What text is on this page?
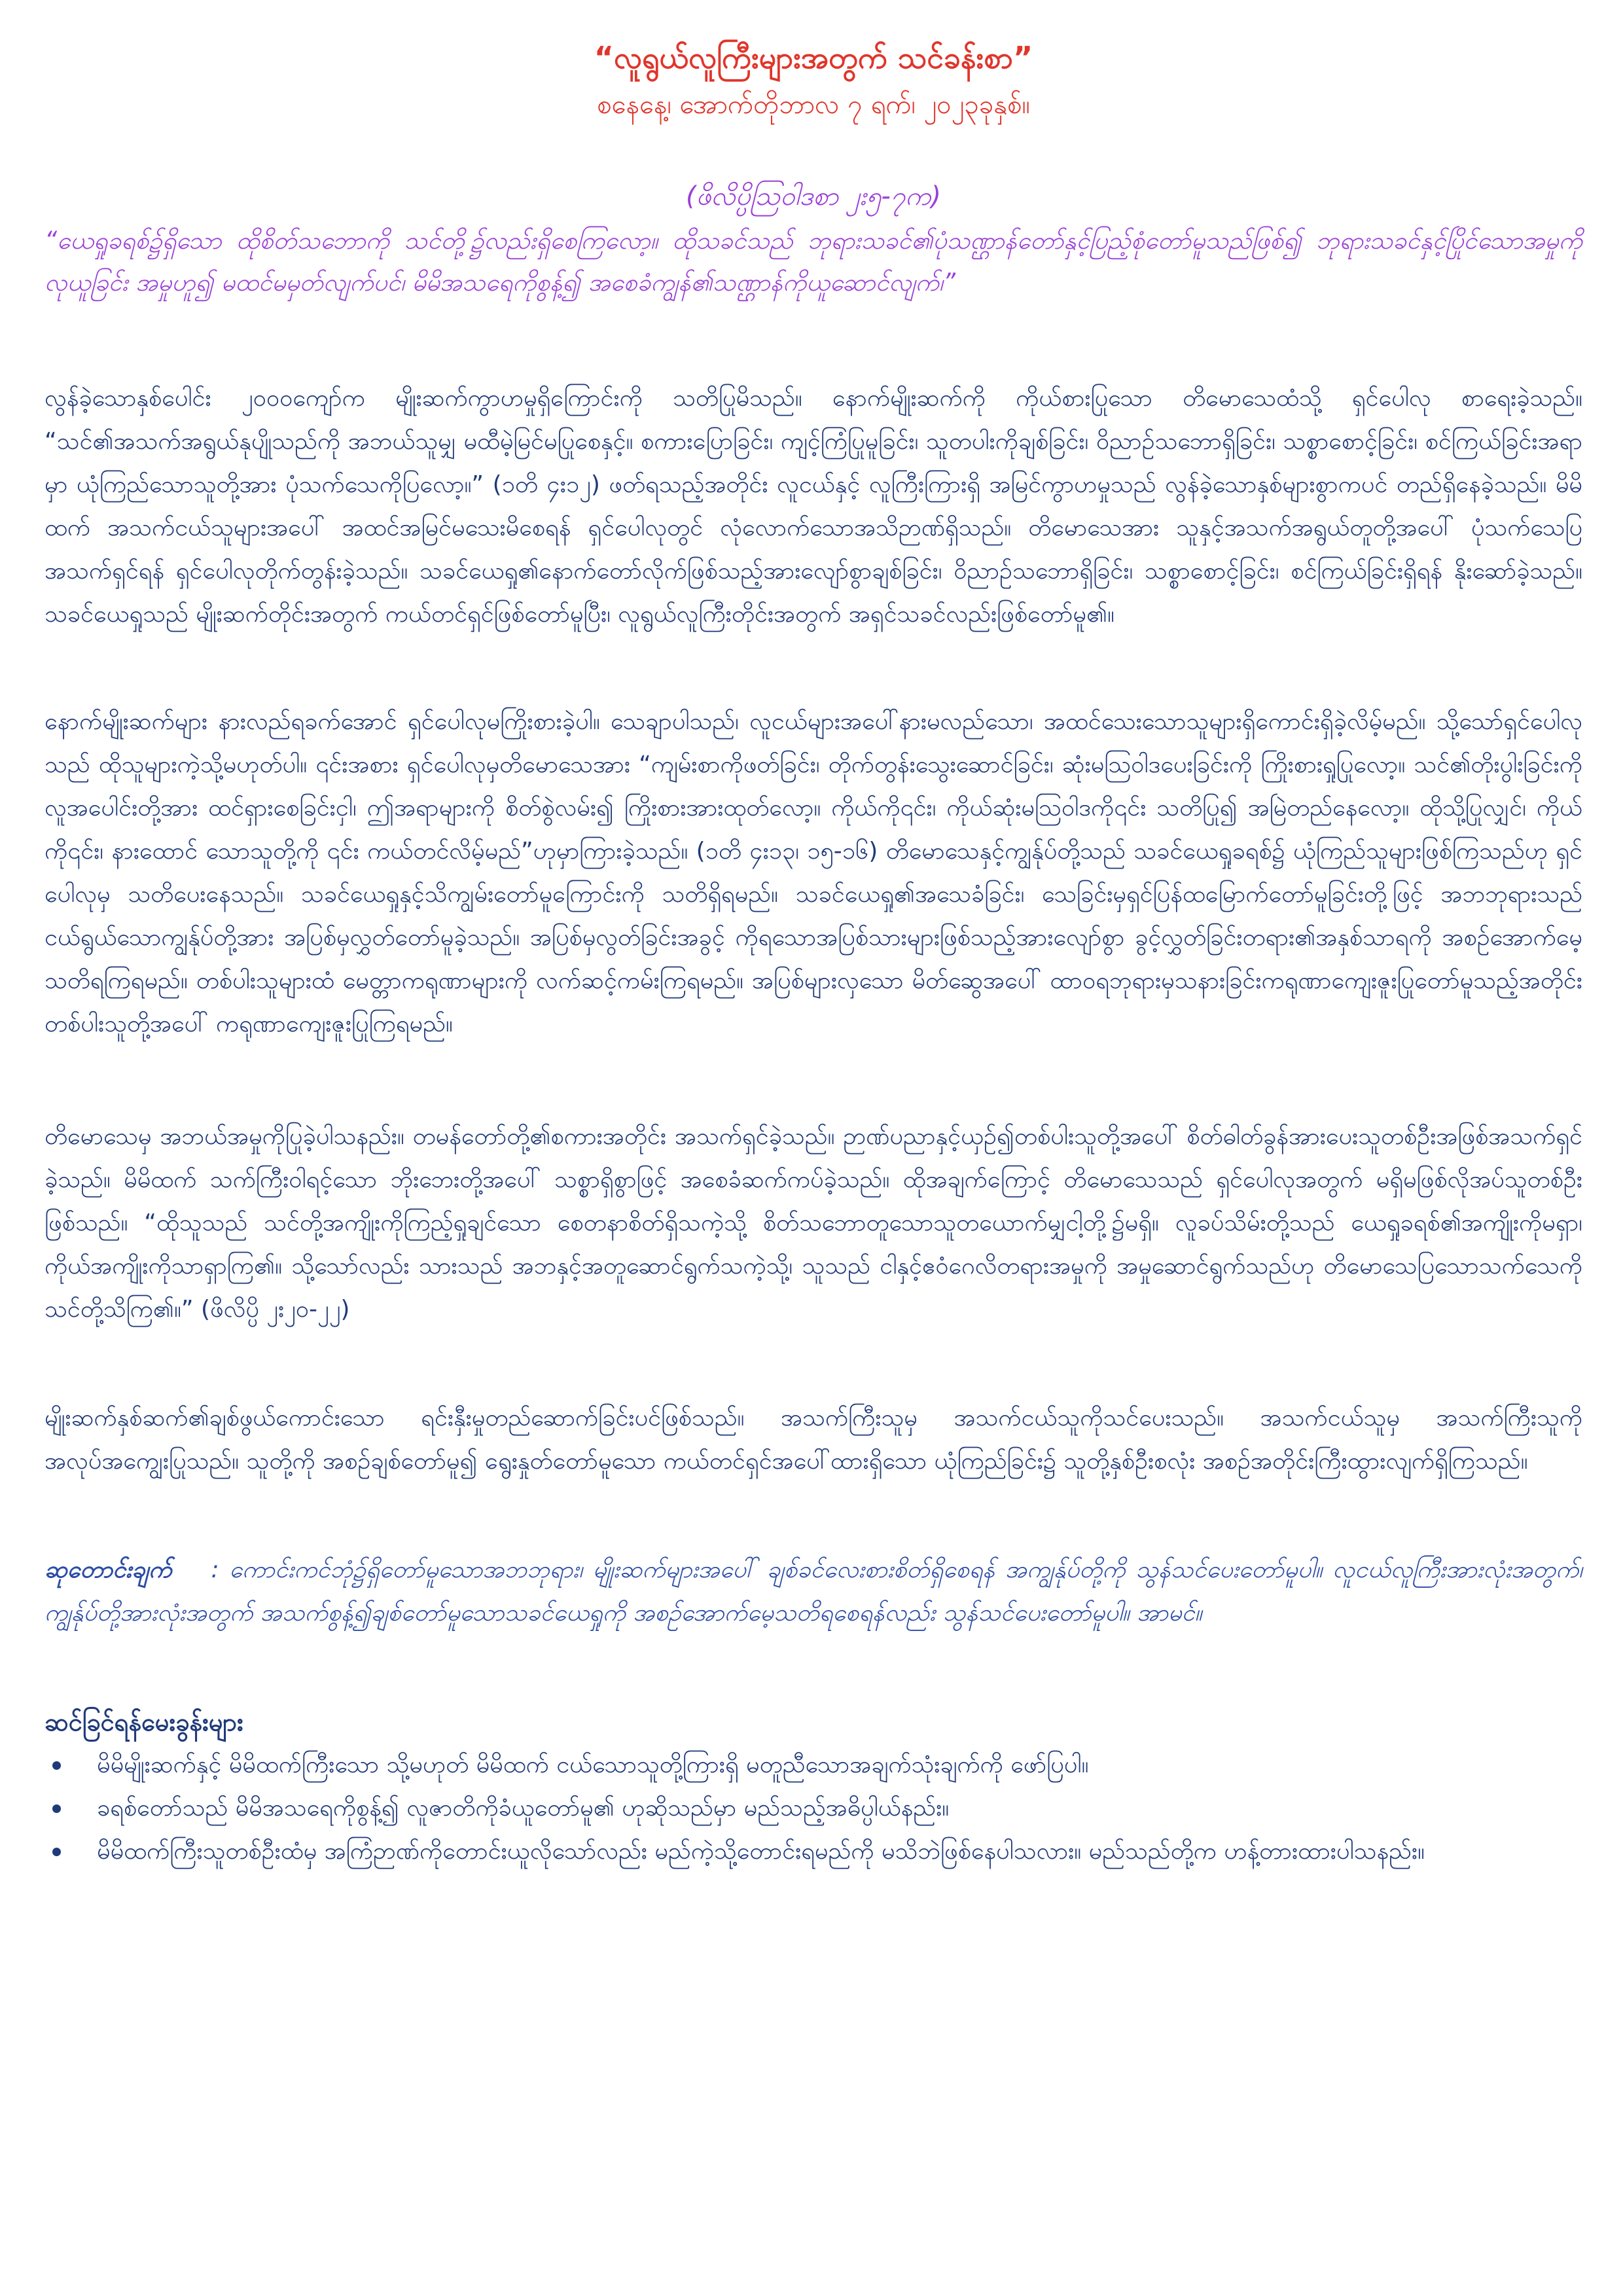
“လူရွယ်လူကြီးများအတွက် သင်ခန်းစာ”
စနေနေ့၊ အောက်တိုဘာလ ၇ ရက်၊ ၂၀၂၃ခုနှစ်။
(ဖိလိပ္ပိဩဝါဒစာ ၂း၅-၇က)

“ယေရှုခရစ်၌ရှိသော ထိုစိတ်သဘောကို သင်တို့၌လည်းရှိစေကြလော့။ ထိုသခင်သည် ဘုရားသခင်၏ပုံသဏ္ဌာန်တော်နှင့်ပြည့်စုံတော်မူသည်ဖြစ်၍ ဘုရားသခင်နှင့်ပြိုင်သောအမှုကိုလုယူခြင်း အမှုဟူ၍ မထင်မမှတ်လျက်ပင်၊ မိမိအသရေကိုစွန့်၍ အစေခံကျွန်၏သဏ္ဌာန်ကိုယူဆောင်လျက်၊”

လွန်ခဲ့သောနှစ်ပေါင်း ၂၀၀၀ကျော်က မျိုးဆက်ကွာဟမှုရှိကြောင်းကို သတိပြုမိသည်။ နောက်မျိုးဆက်ကို ကိုယ်စားပြုသော တိမောသေထံသို့ ရှင်ပေါလု စာရေးခဲ့သည်။ “သင်၏အသက်အရွယ်နုပျိုသည်ကို အဘယ်သူမျှ မထီမဲ့မြင်မပြုစေနှင့်။ စကားပြောခြင်း၊ ကျင့်ကြံပြုမူခြင်း၊ သူတပါးကိုချစ်ခြင်း၊ ဝိညာဉ်သဘောရှိခြင်း၊ သစ္စာစောင့်ခြင်း၊ စင်ကြယ်ခြင်းအရာမှာ ယုံကြည်သောသူတို့အား ပုံသက်သေကိုပြလော့။” (၁တိ ၄း၁၂) ဖတ်ရသည့်အတိုင်း လူငယ်နှင့် လူကြီးကြားရှိ အမြင်ကွာဟမှုသည် လွန်ခဲ့သောနှစ်များစွာကပင် တည်ရှိနေခဲ့သည်။ မိမိထက် အသက်ငယ်သူများအပေါ် အထင်အမြင်မသေးမိစေရန် ရှင်ပေါလုတွင် လုံလောက်သောအသိဉာဏ်ရှိသည်။ တိမောသေအား သူနှင့်အသက်အရွယ်တူတို့အပေါ် ပုံသက်သေပြအသက်ရှင်ရန် ရှင်ပေါလုတိုက်တွန်းခဲ့သည်။ သခင်ယေရှု၏နောက်တော်လိုက်ဖြစ်သည့်အားလျော်စွာချစ်ခြင်း၊ ဝိညာဉ်သဘောရှိခြင်း၊ သစ္စာစောင့်ခြင်း၊ စင်ကြယ်ခြင်းရှိရန် နိုးဆော်ခဲ့သည်။ သခင်ယေရှုသည် မျိုးဆက်တိုင်းအတွက် ကယ်တင်ရှင်ဖြစ်တော်မူပြီး၊ လူရွယ်လူကြီးတိုင်းအတွက် အရှင်သခင်လည်းဖြစ်တော်မူ၏။

နောက်မျိုးဆက်များ နားလည်ရခက်အောင် ရှင်ပေါလုမကြိုးစားခဲ့ပါ။ သေချာပါသည်၊ လူငယ်များအပေါ်နားမလည်သော၊ အထင်သေးသောသူများရှိကောင်းရှိခဲ့လိမ့်မည်။ သို့သော်ရှင်ပေါလုသည် ထိုသူများကဲ့သို့မဟုတ်ပါ။ ၎င်းအစား ရှင်ပေါလုမှတိမောသေအား “ကျမ်းစာကိုဖတ်ခြင်း၊ တိုက်တွန်းသွေးဆောင်ခြင်း၊ ဆုံးမဩဝါဒပေးခြင်းကို ကြိုးစားရှုပြုလော့။ သင်၏တိုးပွါးခြင်းကို လူအပေါင်းတို့အား ထင်ရှားစေခြင်းငှါ၊ ဤအရာများကို စိတ်စွဲလမ်း၍ ကြိုးစားအားထုတ်လော့။ ကိုယ်ကို၎င်း၊ ကိုယ်ဆုံးမဩဝါဒကို၎င်း သတိပြု၍ အမြဲတည်နေလော့။ ထိုသို့ပြုလျှင်၊ ကိုယ်ကို၎င်း၊ နားထောင် သောသူတို့ကို ၎င်း ကယ်တင်လိမ့်မည်”ဟုမှာကြားခဲ့သည်။ (၁တိ ၄း၁၃၊ ၁၅-၁၆) တိမောသေနှင့်ကျွန်ုပ်တို့သည် သခင်ယေရှုခရစ်၌ ယုံကြည်သူများဖြစ်ကြသည်ဟု ရှင်ပေါလုမှ သတိပေးနေသည်။ သခင်ယေရှုနှင့်သိကျွမ်းတော်မူကြောင်းကို သတိရှိရမည်။ သခင်ယေရှု၏အသေခံခြင်း၊ သေခြင်းမှရှင်ပြန်ထမြောက်တော်မူခြင်းတို့ဖြင့် အဘဘုရားသည် ငယ်ရွယ်သောကျွန်ုပ်တို့အား အပြစ်မှလွှတ်တော်မူခဲ့သည်။ အပြစ်မှလွတ်ခြင်းအခွင့် ကိုရသောအပြစ်သားများဖြစ်သည့်အားလျော်စွာ ခွင့်လွှတ်ခြင်းတရား၏အနှစ်သာရကို အစဉ်အောက်မေ့သတိရကြရမည်။ တစ်ပါးသူများထံ မေတ္တာကရုဏာများကို လက်ဆင့်ကမ်းကြရမည်။ အပြစ်များလှသော မိတ်ဆွေအပေါ် ထာဝရဘုရားမှသနားခြင်းကရုဏာကျေးဇူးပြုတော်မူသည့်အတိုင်း တစ်ပါးသူတို့အပေါ် ကရုဏာကျေးဇူးပြုကြရမည်။

တိမောသေမှ အဘယ်အမှုကိုပြုခဲ့ပါသနည်း။ တမန်တော်တို့၏စကားအတိုင်း အသက်ရှင်ခဲ့သည်။ ဉာဏ်ပညာနှင့်ယှဉ်၍တစ်ပါးသူတို့အပေါ် စိတ်ဓါတ်ခွန်အားပေးသူတစ်ဦးအဖြစ်အသက်ရှင်ခဲ့သည်။ မိမိထက် သက်ကြီးဝါရင့်သော ဘိုးဘေးတို့အပေါ် သစ္စာရှိစွာဖြင့် အစေခံဆက်ကပ်ခဲ့သည်။ ထိုအချက်ကြောင့် တိမောသေသည် ရှင်ပေါလုအတွက် မရှိမဖြစ်လိုအပ်သူတစ်ဦးဖြစ်သည်။ “ထိုသူသည် သင်တို့အကျိုးကိုကြည့်ရှုချင်သော စေတနာစိတ်ရှိသကဲ့သို့ စိတ်သဘောတူသောသူတယောက်မျှငါ့တို့၌မရှိ။ လူခပ်သိမ်းတို့သည် ယေရှုခရစ်၏အကျိုးကိုမရှာ၊ ကိုယ်အကျိုးကိုသာရှာကြ၏။ သို့သော်လည်း သားသည် အဘနှင့်အတူဆောင်ရွက်သကဲ့သို့၊ သူသည် ငါနှင့်ဧဝံဂေလိတရားအမှုကို အမှုဆောင်ရွက်သည်ဟု တိမောသေပြသောသက်သေကို သင်တို့သိကြ၏။” (ဖိလိပ္ပိ ၂း၂၀-၂၂)

မျိုးဆက်နှစ်ဆက်၏ချစ်ဖွယ်ကောင်းသော ရင်းနှီးမှုတည်ဆောက်ခြင်းပင်ဖြစ်သည်။ အသက်ကြီးသူမှ အသက်ငယ်သူကိုသင်ပေးသည်။ အသက်ငယ်သူမှ အသက်ကြီးသူကို အလုပ်အကျွေးပြုသည်။ သူတို့ကို အစဉ်ချစ်တော်မူ၍ ရွေးနှုတ်တော်မူသော ကယ်တင်ရှင်အပေါ်ထားရှိသော ယုံကြည်ခြင်း၌ သူတို့နှစ်ဦးစလုံး အစဉ်အတိုင်းကြီးထွားလျက်ရှိကြသည်။

ဆုတောင်းချက် : ကောင်းကင်ဘုံ၌ရှိတော်မူသောအဘဘုရား၊ မျိုးဆက်များအပေါ် ချစ်ခင်လေးစားစိတ်ရှိစေရန် အကျွန်ုပ်တို့ကို သွန်သင်ပေးတော်မူပါ။ လူငယ်လူကြီးအားလုံးအတွက်၊ ကျွန်ုပ်တို့အားလုံးအတွက် အသက်စွန့်၍ချစ်တော်မူသောသခင်ယေရှုကို အစဉ်အောက်မေ့သတိရစေရန်လည်း သွန်သင်ပေးတော်မူပါ။ အာမင်။

ဆင်ခြင်ရန်မေးခွန်းများ
မိမိမျိုးဆက်နှင့် မိမိထက်ကြီးသော သို့မဟုတ် မိမိထက် ငယ်သောသူတို့ကြားရှိ မတူညီသောအချက်သုံးချက်ကို ဖော်ပြပါ။
ခရစ်တော်သည် မိမိအသရေကိုစွန့်၍ လူဇာတိကိုခံယူတော်မူ၏ ဟုဆိုသည်မှာ မည်သည့်အဓိပ္ပါယ်နည်း။
မိမိထက်ကြီးသူတစ်ဦးထံမှ အကြံဉာဏ်ကိုတောင်းယူလိုသော်လည်း မည်ကဲ့သို့တောင်းရမည်ကို မသိဘဲဖြစ်နေပါသလား။ မည်သည်တို့က ဟန့်တားထားပါသနည်း။
